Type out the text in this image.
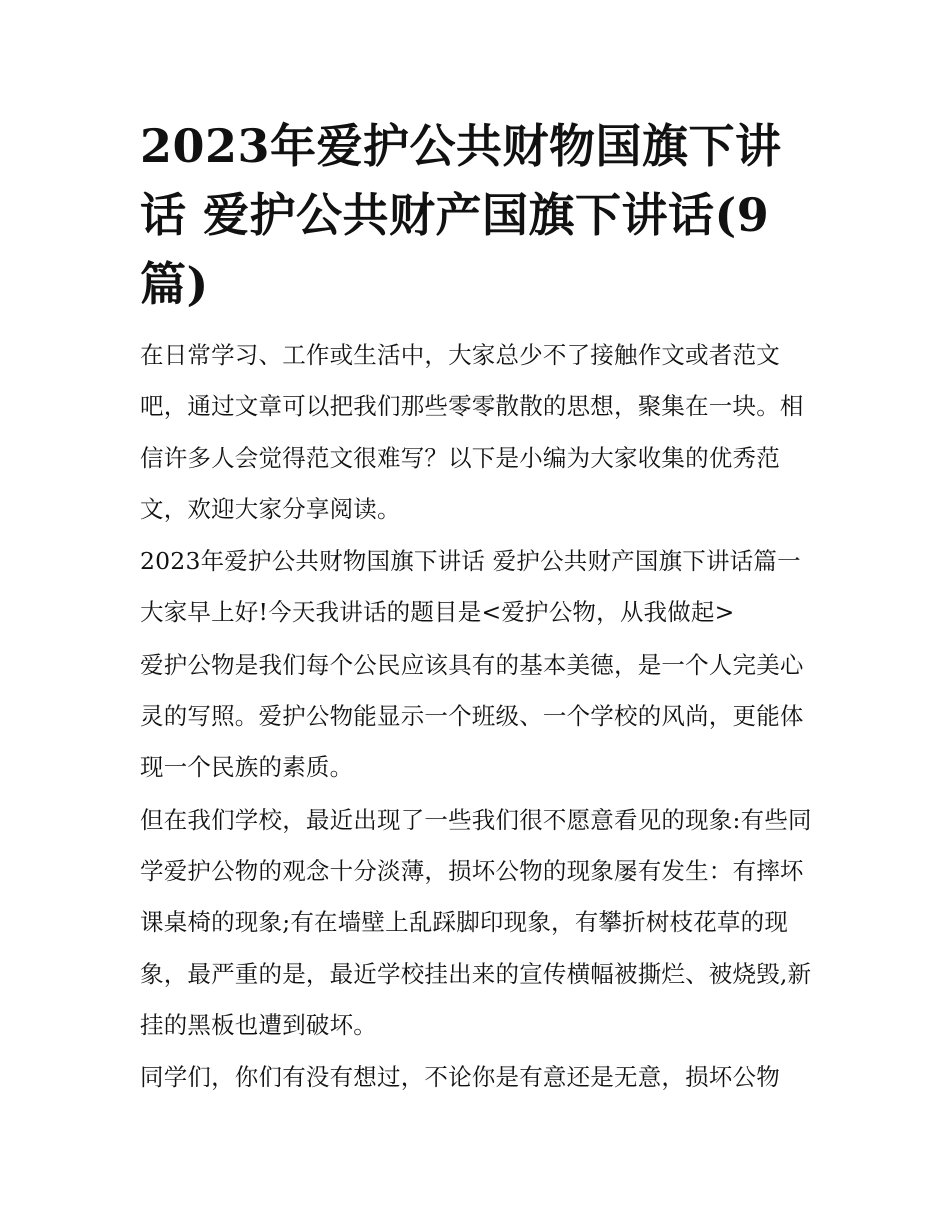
2023年爱护公共财物国旗下讲话 爱护公共财产国旗下讲话(9篇)

在日常学习、工作或生活中，大家总少不了接触作文或者范文吧，通过文章可以把我们那些零零散散的思想，聚集在一块。相信许多人会觉得范文很难写？以下是小编为大家收集的优秀范文，欢迎大家分享阅读。

2023年爱护公共财物国旗下讲话 爱护公共财产国旗下讲话篇一 大家早上好!今天我讲话的题目是<爱护公物，从我做起>

爱护公物是我们每个公民应该具有的基本美德，是一个人完美心灵的写照。爱护公物能显示一个班级、一个学校的风尚，更能体现一个民族的素质。

但在我们学校，最近出现了一些我们很不愿意看见的现象:有些同学爱护公物的观念十分淡薄，损坏公物的现象屡有发生：有摔坏课桌椅的现象;有在墙壁上乱踩脚印现象，有攀折树枝花草的现象，最严重的是，最近学校挂出来的宣传横幅被撕烂、被烧毁,新挂的黑板也遭到破坏。

同学们，你们有没有想过，不论你是有意还是无意，损坏公物
